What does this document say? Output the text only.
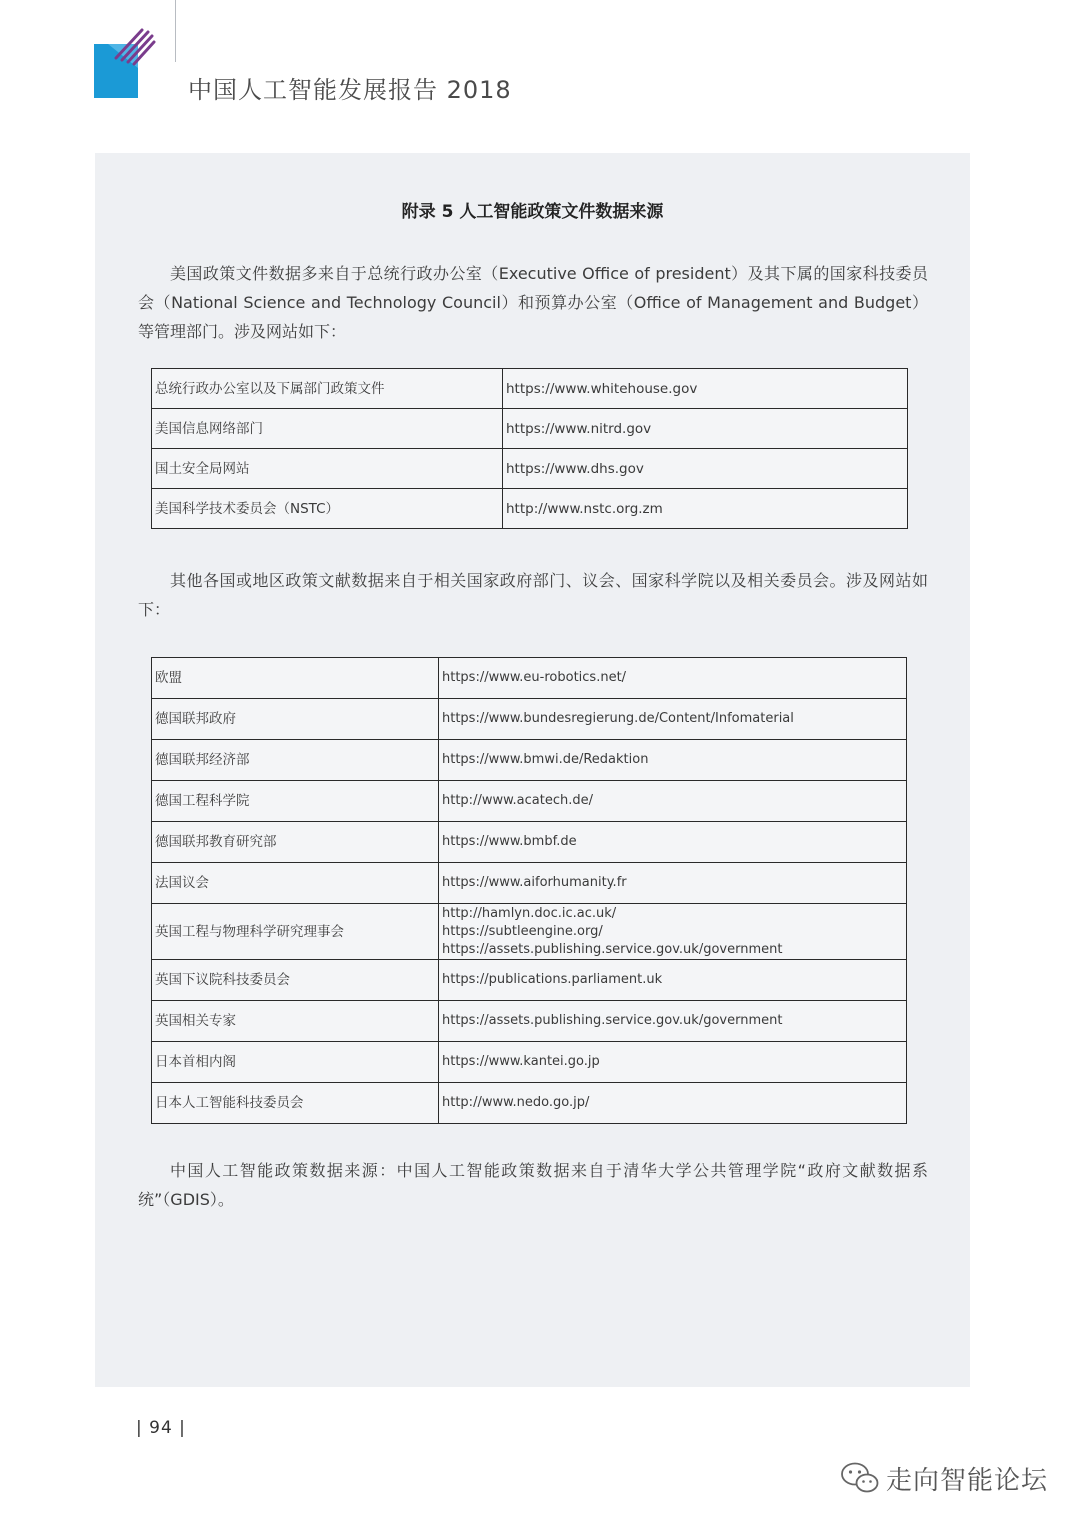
中国人工智能发展报告 2018
附录 5 人工智能政策文件数据来源

美国政策文件数据多来自于总统行政办公室（Executive Office of president）及其下属的国家科技委员会（National Science and Technology Council）和预算办公室（Office of Management and Budget）等管理部门。涉及网站如下：

总统行政办公室以及下属部门政策文件	https://www.whitehouse.gov
美国信息网络部门	https://www.nitrd.gov
国土安全局网站	https://www.dhs.gov
美国科学技术委员会（NSTC）	http://www.nstc.org.zm

其他各国或地区政策文献数据来自于相关国家政府部门、议会、国家科学院以及相关委员会。涉及网站如下：

欧盟	https://www.eu-robotics.net/
德国联邦政府	https://www.bundesregierung.de/Content/Infomaterial
德国联邦经济部	https://www.bmwi.de/Redaktion
德国工程科学院	http://www.acatech.de/
德国联邦教育研究部	https://www.bmbf.de
法国议会	https://www.aiforhumanity.fr
英国工程与物理科学研究理事会	http://hamlyn.doc.ic.ac.uk/
https://subtleengine.org/
https://assets.publishing.service.gov.uk/government

英国下议院科技委员会	https://publications.parliament.uk
英国相关专家	https://assets.publishing.service.gov.uk/government
日本首相内阁	https://www.kantei.go.jp
日本人工智能科技委员会	http://www.nedo.go.jp/

中国人工智能政策数据来源：中国人工智能政策数据来自于清华大学公共管理学院“政府文献数据系统”（GDIS）。

| 94 |
走向智能论坛
